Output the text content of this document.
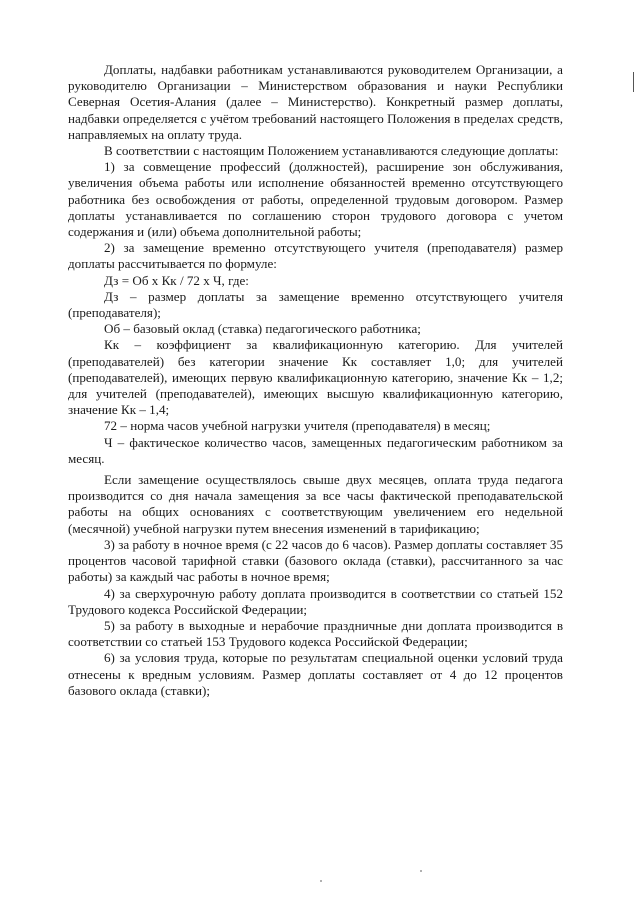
Доплаты, надбавки работникам устанавливаются руководителем Организации, а руководителю Организации – Министерством образования и науки Республики Северная Осетия-Алания (далее – Министерство). Конкретный размер доплаты, надбавки определяется с учётом требований настоящего Положения в пределах средств, направляемых на оплату труда.

В соответствии с настоящим Положением устанавливаются следующие доплаты:

1) за совмещение профессий (должностей), расширение зон обслуживания, увеличения объема работы или исполнение обязанностей временно отсутствующего работника без освобождения от работы, определенной трудовым договором. Размер доплаты устанавливается по соглашению сторон трудового договора с учетом содержания и (или) объема дополнительной работы;

2) за замещение временно отсутствующего учителя (преподавателя) размер доплаты рассчитывается по формуле:

Дз = Об х Кк / 72 х Ч, где:

Дз – размер доплаты за замещение временно отсутствующего учителя (преподавателя);

Об – базовый оклад (ставка) педагогического работника;

Кк – коэффициент за квалификационную категорию. Для учителей (преподавателей) без категории значение Кк составляет 1,0; для учителей (преподавателей), имеющих первую квалификационную категорию, значение Кк – 1,2; для учителей (преподавателей), имеющих высшую квалификационную категорию, значение Кк – 1,4;

72 – норма часов учебной нагрузки учителя (преподавателя) в месяц;

Ч – фактическое количество часов, замещенных педагогическим работником за месяц.

Если замещение осуществлялось свыше двух месяцев, оплата труда педагога производится со дня начала замещения за все часы фактической преподавательской работы на общих основаниях с соответствующим увеличением его недельной (месячной) учебной нагрузки путем внесения изменений в тарификацию;

3) за работу в ночное время (с 22 часов до 6 часов). Размер доплаты составляет 35 процентов часовой тарифной ставки (базового оклада (ставки), рассчитанного за час работы) за каждый час работы в ночное время;

4) за сверхурочную работу доплата производится в соответствии со статьей 152 Трудового кодекса Российской Федерации;

5) за работу в выходные и нерабочие праздничные дни доплата производится в соответствии со статьей 153 Трудового кодекса Российской Федерации;

6) за условия труда, которые по результатам специальной оценки условий труда отнесены к вредным условиям. Размер доплаты составляет от 4 до 12 процентов базового оклада (ставки);
